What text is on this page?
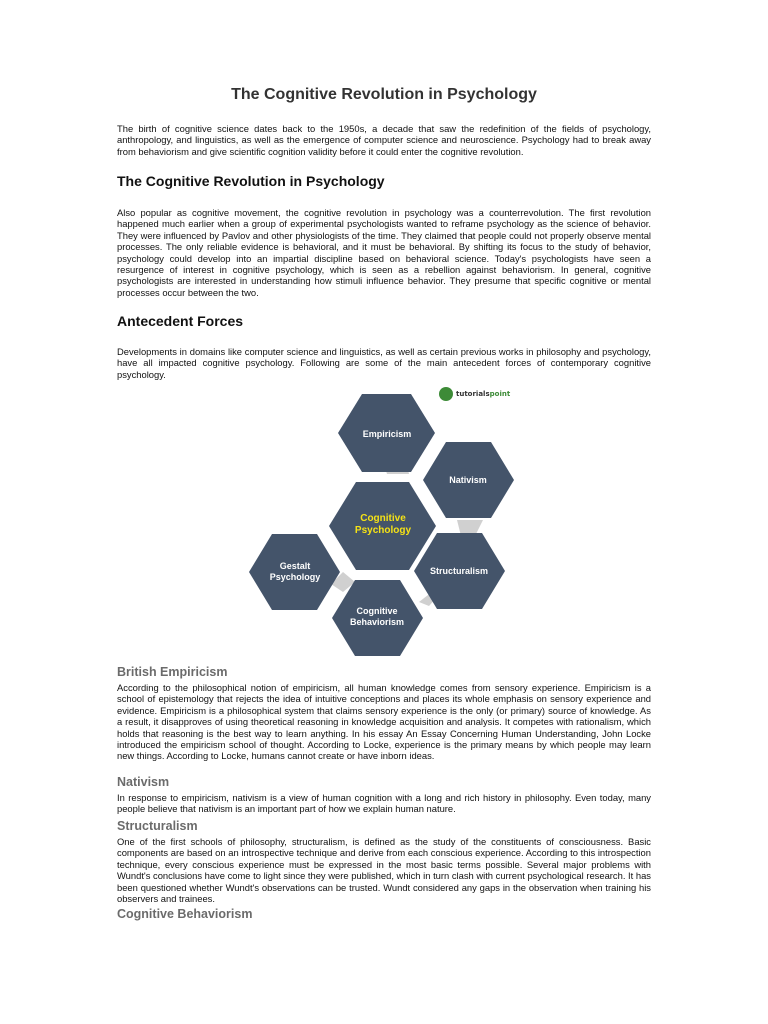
The Cognitive Revolution in Psychology

The birth of cognitive science dates back to the 1950s, a decade that saw the redefinition of the fields of psychology, anthropology, and linguistics, as well as the emergence of computer science and neuroscience. Psychology had to break away from behaviorism and give scientific cognition validity before it could enter the cognitive revolution.

The Cognitive Revolution in Psychology

Also popular as cognitive movement, the cognitive revolution in psychology was a counterrevolution. The first revolution happened much earlier when a group of experimental psychologists wanted to reframe psychology as the science of behavior. They were influenced by Pavlov and other physiologists of the time. They claimed that people could not properly observe mental processes. The only reliable evidence is behavioral, and it must be behavioral. By shifting its focus to the study of behavior, psychology could develop into an impartial discipline based on behavioral science. Today's psychologists have seen a resurgence of interest in cognitive psychology, which is seen as a rebellion against behaviorism. In general, cognitive psychologists are interested in understanding how stimuli influence behavior. They presume that specific cognitive or mental processes occur between the two.

Antecedent Forces

Developments in domains like computer science and linguistics, as well as certain previous works in philosophy and psychology, have all impacted cognitive psychology. Following are some of the main antecedent forces of contemporary cognitive psychology.

tutorialspoint
Empiricism
Nativism
Cognitive
Psychology
Structuralism
Gestalt
Psychology
Cognitive
Behaviorism
British Empiricism

According to the philosophical notion of empiricism, all human knowledge comes from sensory experience. Empiricism is a school of epistemology that rejects the idea of intuitive conceptions and places its whole emphasis on sensory experience and evidence. Empiricism is a philosophical system that claims sensory experience is the only (or primary) source of knowledge. As a result, it disapproves of using theoretical reasoning in knowledge acquisition and analysis. It competes with rationalism, which holds that reasoning is the best way to learn anything. In his essay An Essay Concerning Human Understanding, John Locke introduced the empiricism school of thought. According to Locke, experience is the primary means by which people may learn new things. According to Locke, humans cannot create or have inborn ideas.

Nativism

In response to empiricism, nativism is a view of human cognition with a long and rich history in philosophy. Even today, many people believe that nativism is an important part of how we explain human nature.

Structuralism

One of the first schools of philosophy, structuralism, is defined as the study of the constituents of consciousness. Basic components are based on an introspective technique and derive from each conscious experience. According to this introspection technique, every conscious experience must be expressed in the most basic terms possible. Several major problems with Wundt's conclusions have come to light since they were published, which in turn clash with current psychological research. It has been questioned whether Wundt's observations can be trusted. Wundt considered any gaps in the observation when training his observers and trainees.

Cognitive Behaviorism
